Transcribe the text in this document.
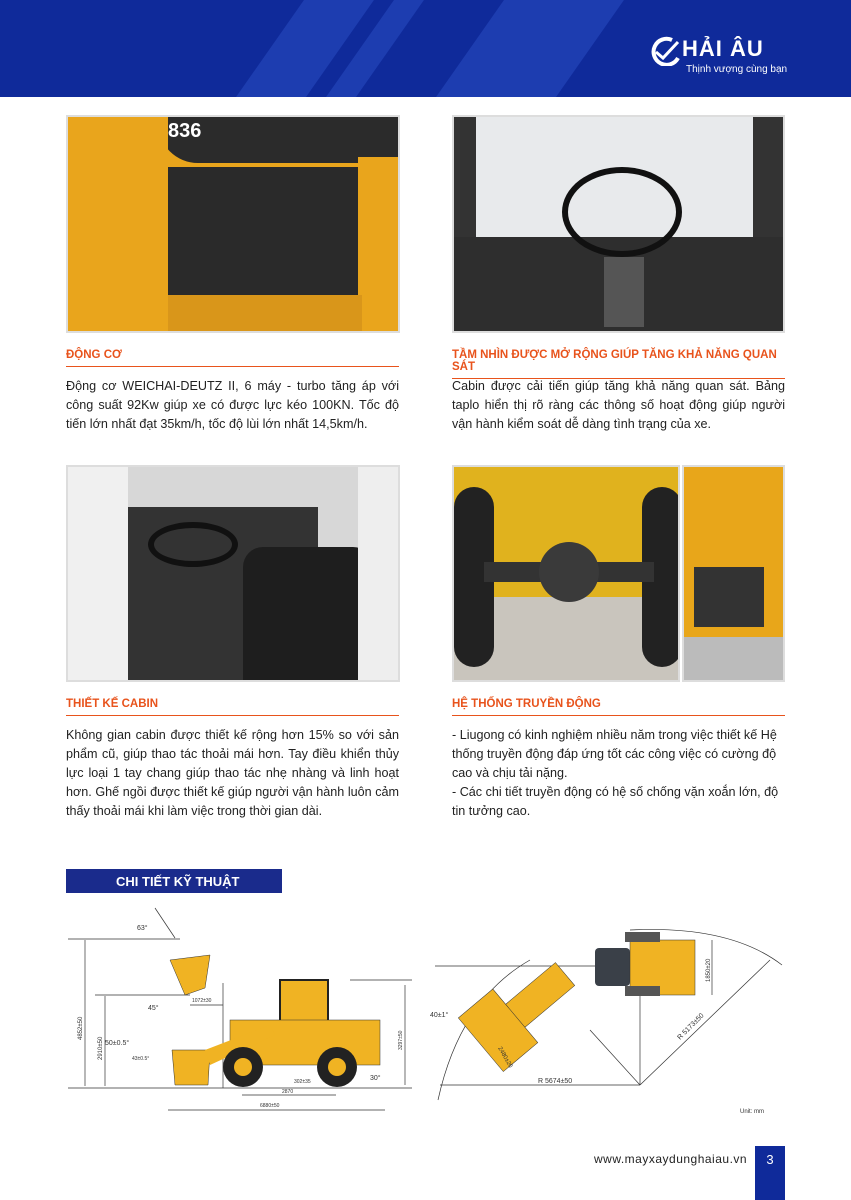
HẢI ÂU
Thịnh vượng cùng bạn
836
ĐỘNG CƠ
Động cơ WEICHAI-DEUTZ II, 6 máy - turbo tăng áp với công suất 92Kw giúp xe có được lực kéo 100KN. Tốc độ tiến lớn nhất đạt 35km/h, tốc độ lùi lớn nhất 14,5km/h.
TẦM NHÌN ĐƯỢC MỞ RỘNG GIÚP TĂNG KHẢ NĂNG QUAN SÁT
Cabin được cải tiến giúp tăng khả năng quan sát. Bảng taplo hiển thị rõ ràng các thông số hoạt động giúp người vận hành kiểm soát dễ dàng tình trạng của xe.
THIẾT KẾ CABIN
Không gian cabin được thiết kế rộng hơn 15% so với sản phẩm cũ, giúp thao tác thoải mái hơn. Tay điều khiển thủy lực loại 1 tay chang giúp thao tác nhẹ nhàng và linh hoạt hơn. Ghế ngồi được thiết kế giúp người vận hành luôn cảm thấy thoải mái khi làm việc trong thời gian dài.
HỆ THỐNG TRUYỀN ĐỘNG
- Liugong có kinh nghiệm nhiều năm trong việc thiết kế Hệ thống truyền động đáp ứng tốt các công việc có cường độ cao và chịu tải nặng.
- Các chi tiết truyền động có hệ số chống vặn xoắn lớn, độ tin tưởng cao.
CHI TIẾT KỸ THUẬT
63°
45°
50±0.5°
43±0.5°
30°
1072±30
2870
6880±50
302±35
4852±50
2910±50	3297±50
40±1°
2480±20
1850±20
R 5674±50
R 5173±50
Unit: mm
www.mayxaydunghaiau.vn	3
